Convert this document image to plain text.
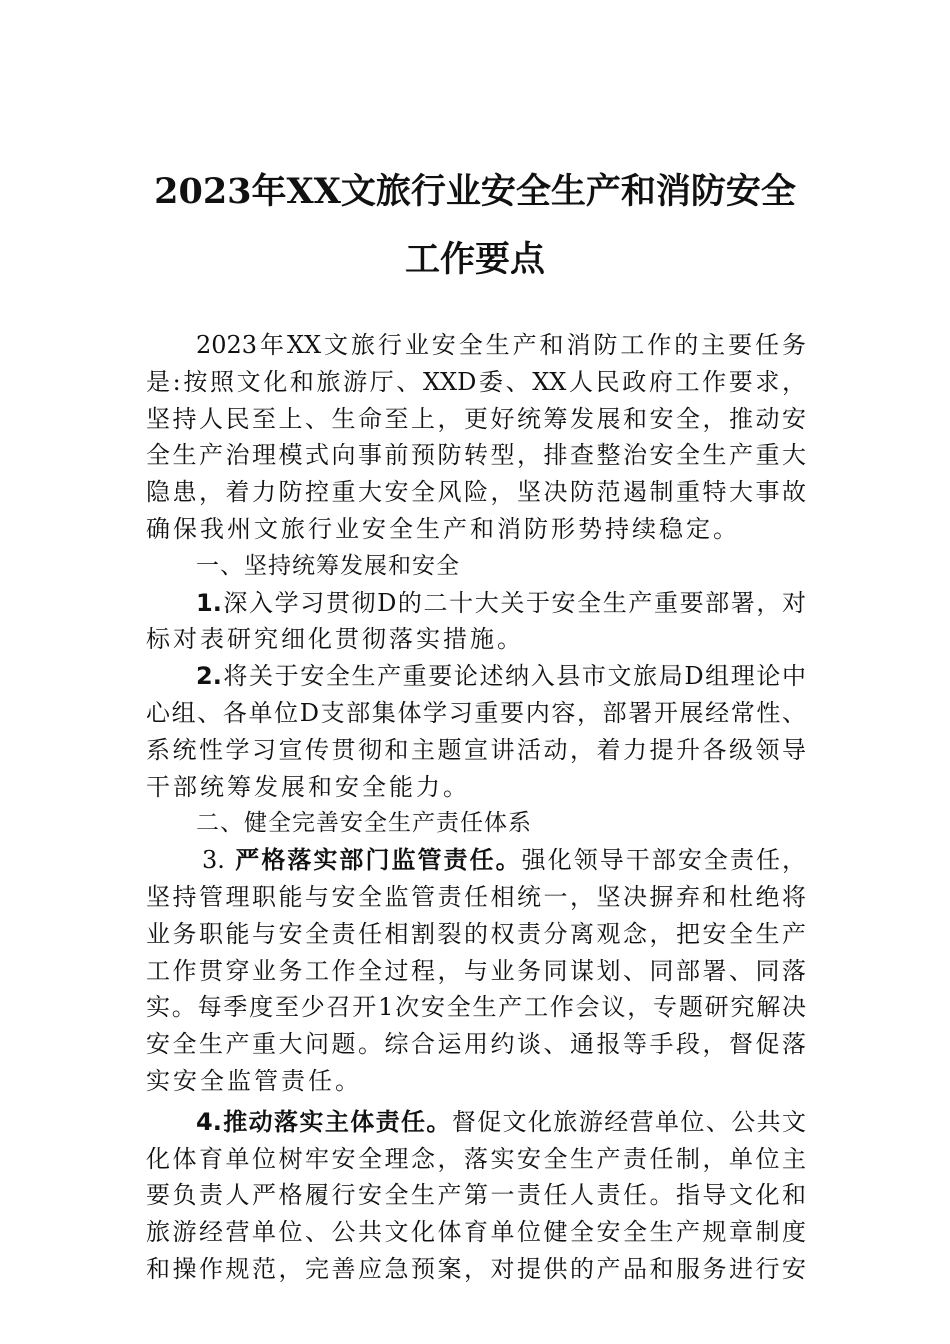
2023年XX文旅行业安全生产和消防安全
工作要点
2023年XX文旅行业安全生产和消防工作的主要任务
是:按照文化和旅游厅、XXD委、XX人民政府工作要求，
坚持人民至上、生命至上，更好统筹发展和安全，推动安
全生产治理模式向事前预防转型，排查整治安全生产重大
隐患，着力防控重大安全风险，坚决防范遏制重特大事故
确保我州文旅行业安全生产和消防形势持续稳定。
一、坚持统筹发展和安全
1.深入学习贯彻D的二十大关于安全生产重要部署，对
标对表研究细化贯彻落实措施。
2.将关于安全生产重要论述纳入县市文旅局D组理论中
心组、各单位D支部集体学习重要内容，部署开展经常性、
系统性学习宣传贯彻和主题宣讲活动，着力提升各级领导
干部统筹发展和安全能力。
二、健全完善安全生产责任体系
3. 严格落实部门监管责任。强化领导干部安全责任，
坚持管理职能与安全监管责任相统一，坚决摒弃和杜绝将
业务职能与安全责任相割裂的权责分离观念，把安全生产
工作贯穿业务工作全过程，与业务同谋划、同部署、同落
实。每季度至少召开1次安全生产工作会议，专题研究解决
安全生产重大问题。综合运用约谈、通报等手段，督促落
实安全监管责任。
4.推动落实主体责任。督促文化旅游经营单位、公共文
化体育单位树牢安全理念，落实安全生产责任制，单位主
要负责人严格履行安全生产第一责任人责任。指导文化和
旅游经营单位、公共文化体育单位健全安全生产规章制度
和操作规范，完善应急预案，对提供的产品和服务进行安
